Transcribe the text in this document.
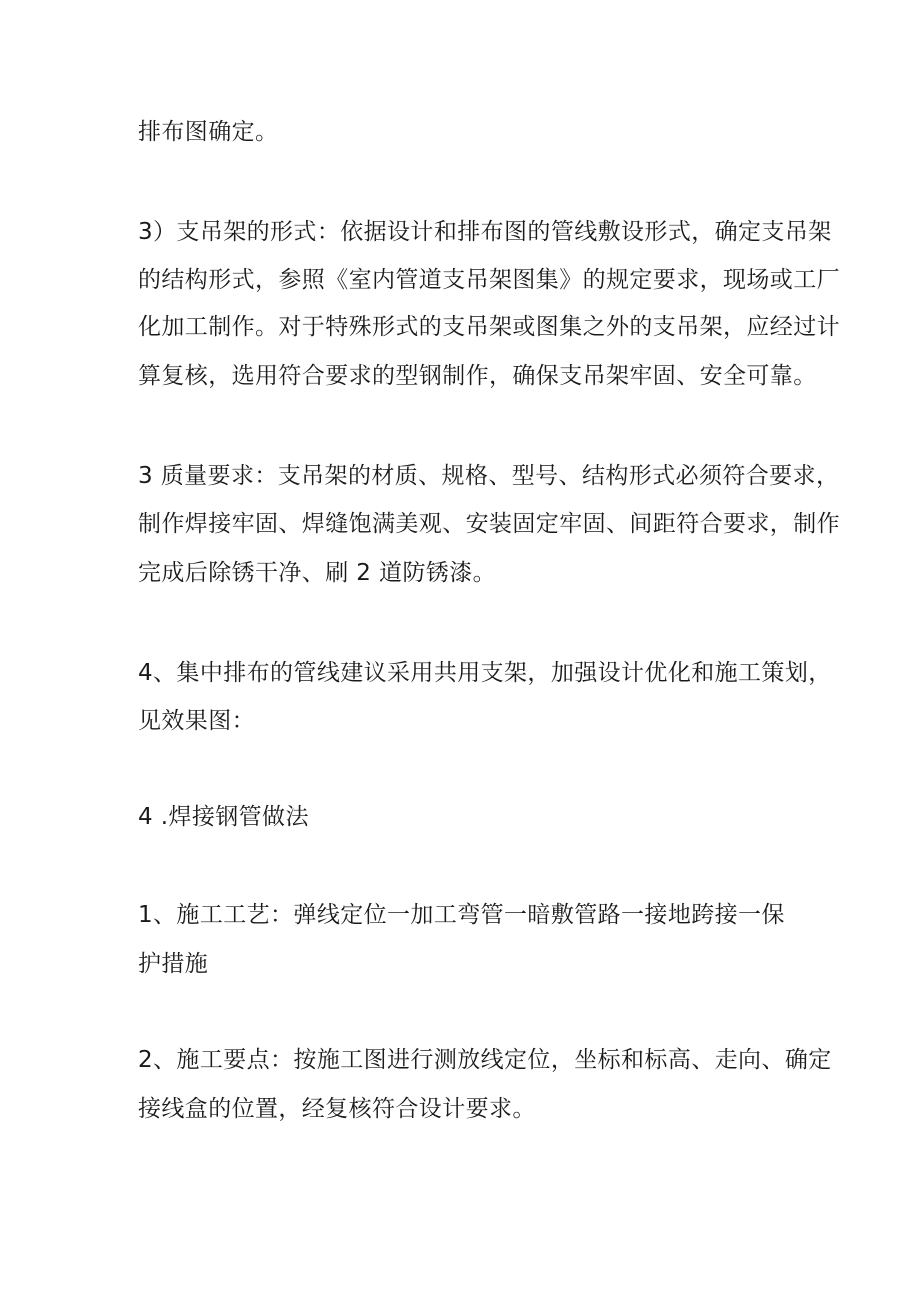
排布图确定。
3）支吊架的形式：依据设计和排布图的管线敷设形式，确定支吊架
的结构形式，参照《室内管道支吊架图集》的规定要求，现场或工厂
化加工制作。对于特殊形式的支吊架或图集之外的支吊架，应经过计
算复核，选用符合要求的型钢制作，确保支吊架牢固、安全可靠。
3 质量要求：支吊架的材质、规格、型号、结构形式必须符合要求，
制作焊接牢固、焊缝饱满美观、安装固定牢固、间距符合要求，制作
完成后除锈干净、刷 2 道防锈漆。
4、集中排布的管线建议采用共用支架，加强设计优化和施工策划，
见效果图：
4 .焊接钢管做法
1、施工工艺：弹线定位一加工弯管一暗敷管路一接地跨接一保
护措施
2、施工要点：按施工图进行测放线定位，坐标和标高、走向、确定
接线盒的位置，经复核符合设计要求。
